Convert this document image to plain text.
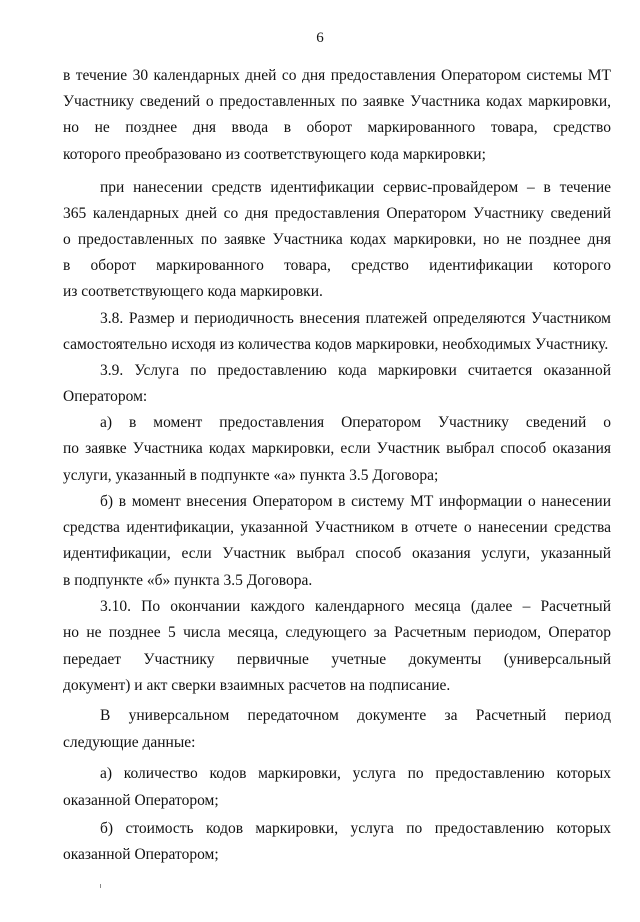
6
в течение 30 календарных дней со дня предоставления Оператором системы МТ
Участнику сведений о предоставленных по заявке Участника кодах маркировки,
но не позднее дня ввода в оборот маркированного товара, средство
которого преобразовано из соответствующего кода маркировки;
при нанесении средств идентификации сервис-провайдером – в течение
365 календарных дней со дня предоставления Оператором Участнику сведений
о предоставленных по заявке Участника кодах маркировки, но не позднее дня
в оборот маркированного товара, средство идентификации которого
из соответствующего кода маркировки.
3.8. Размер и периодичность внесения платежей определяются Участником
самостоятельно исходя из количества кодов маркировки, необходимых Участнику.
3.9. Услуга по предоставлению кода маркировки считается оказанной
Оператором:
а) в момент предоставления Оператором Участнику сведений о
по заявке Участника кодах маркировки, если Участник выбрал способ оказания
услуги, указанный в подпункте «а» пункта 3.5 Договора;
б) в момент внесения Оператором в систему МТ информации о нанесении
средства идентификации, указанной Участником в отчете о нанесении средства
идентификации, если Участник выбрал способ оказания услуги, указанный
в подпункте «б» пункта 3.5 Договора.
3.10. По окончании каждого календарного месяца (далее – Расчетный
но не позднее 5 числа месяца, следующего за Расчетным периодом, Оператор
передает Участнику первичные учетные документы (универсальный
документ) и акт сверки взаимных расчетов на подписание.
В универсальном передаточном документе за Расчетный период
следующие данные:
а) количество кодов маркировки, услуга по предоставлению которых
оказанной Оператором;
б) стоимость кодов маркировки, услуга по предоставлению которых
оказанной Оператором;
